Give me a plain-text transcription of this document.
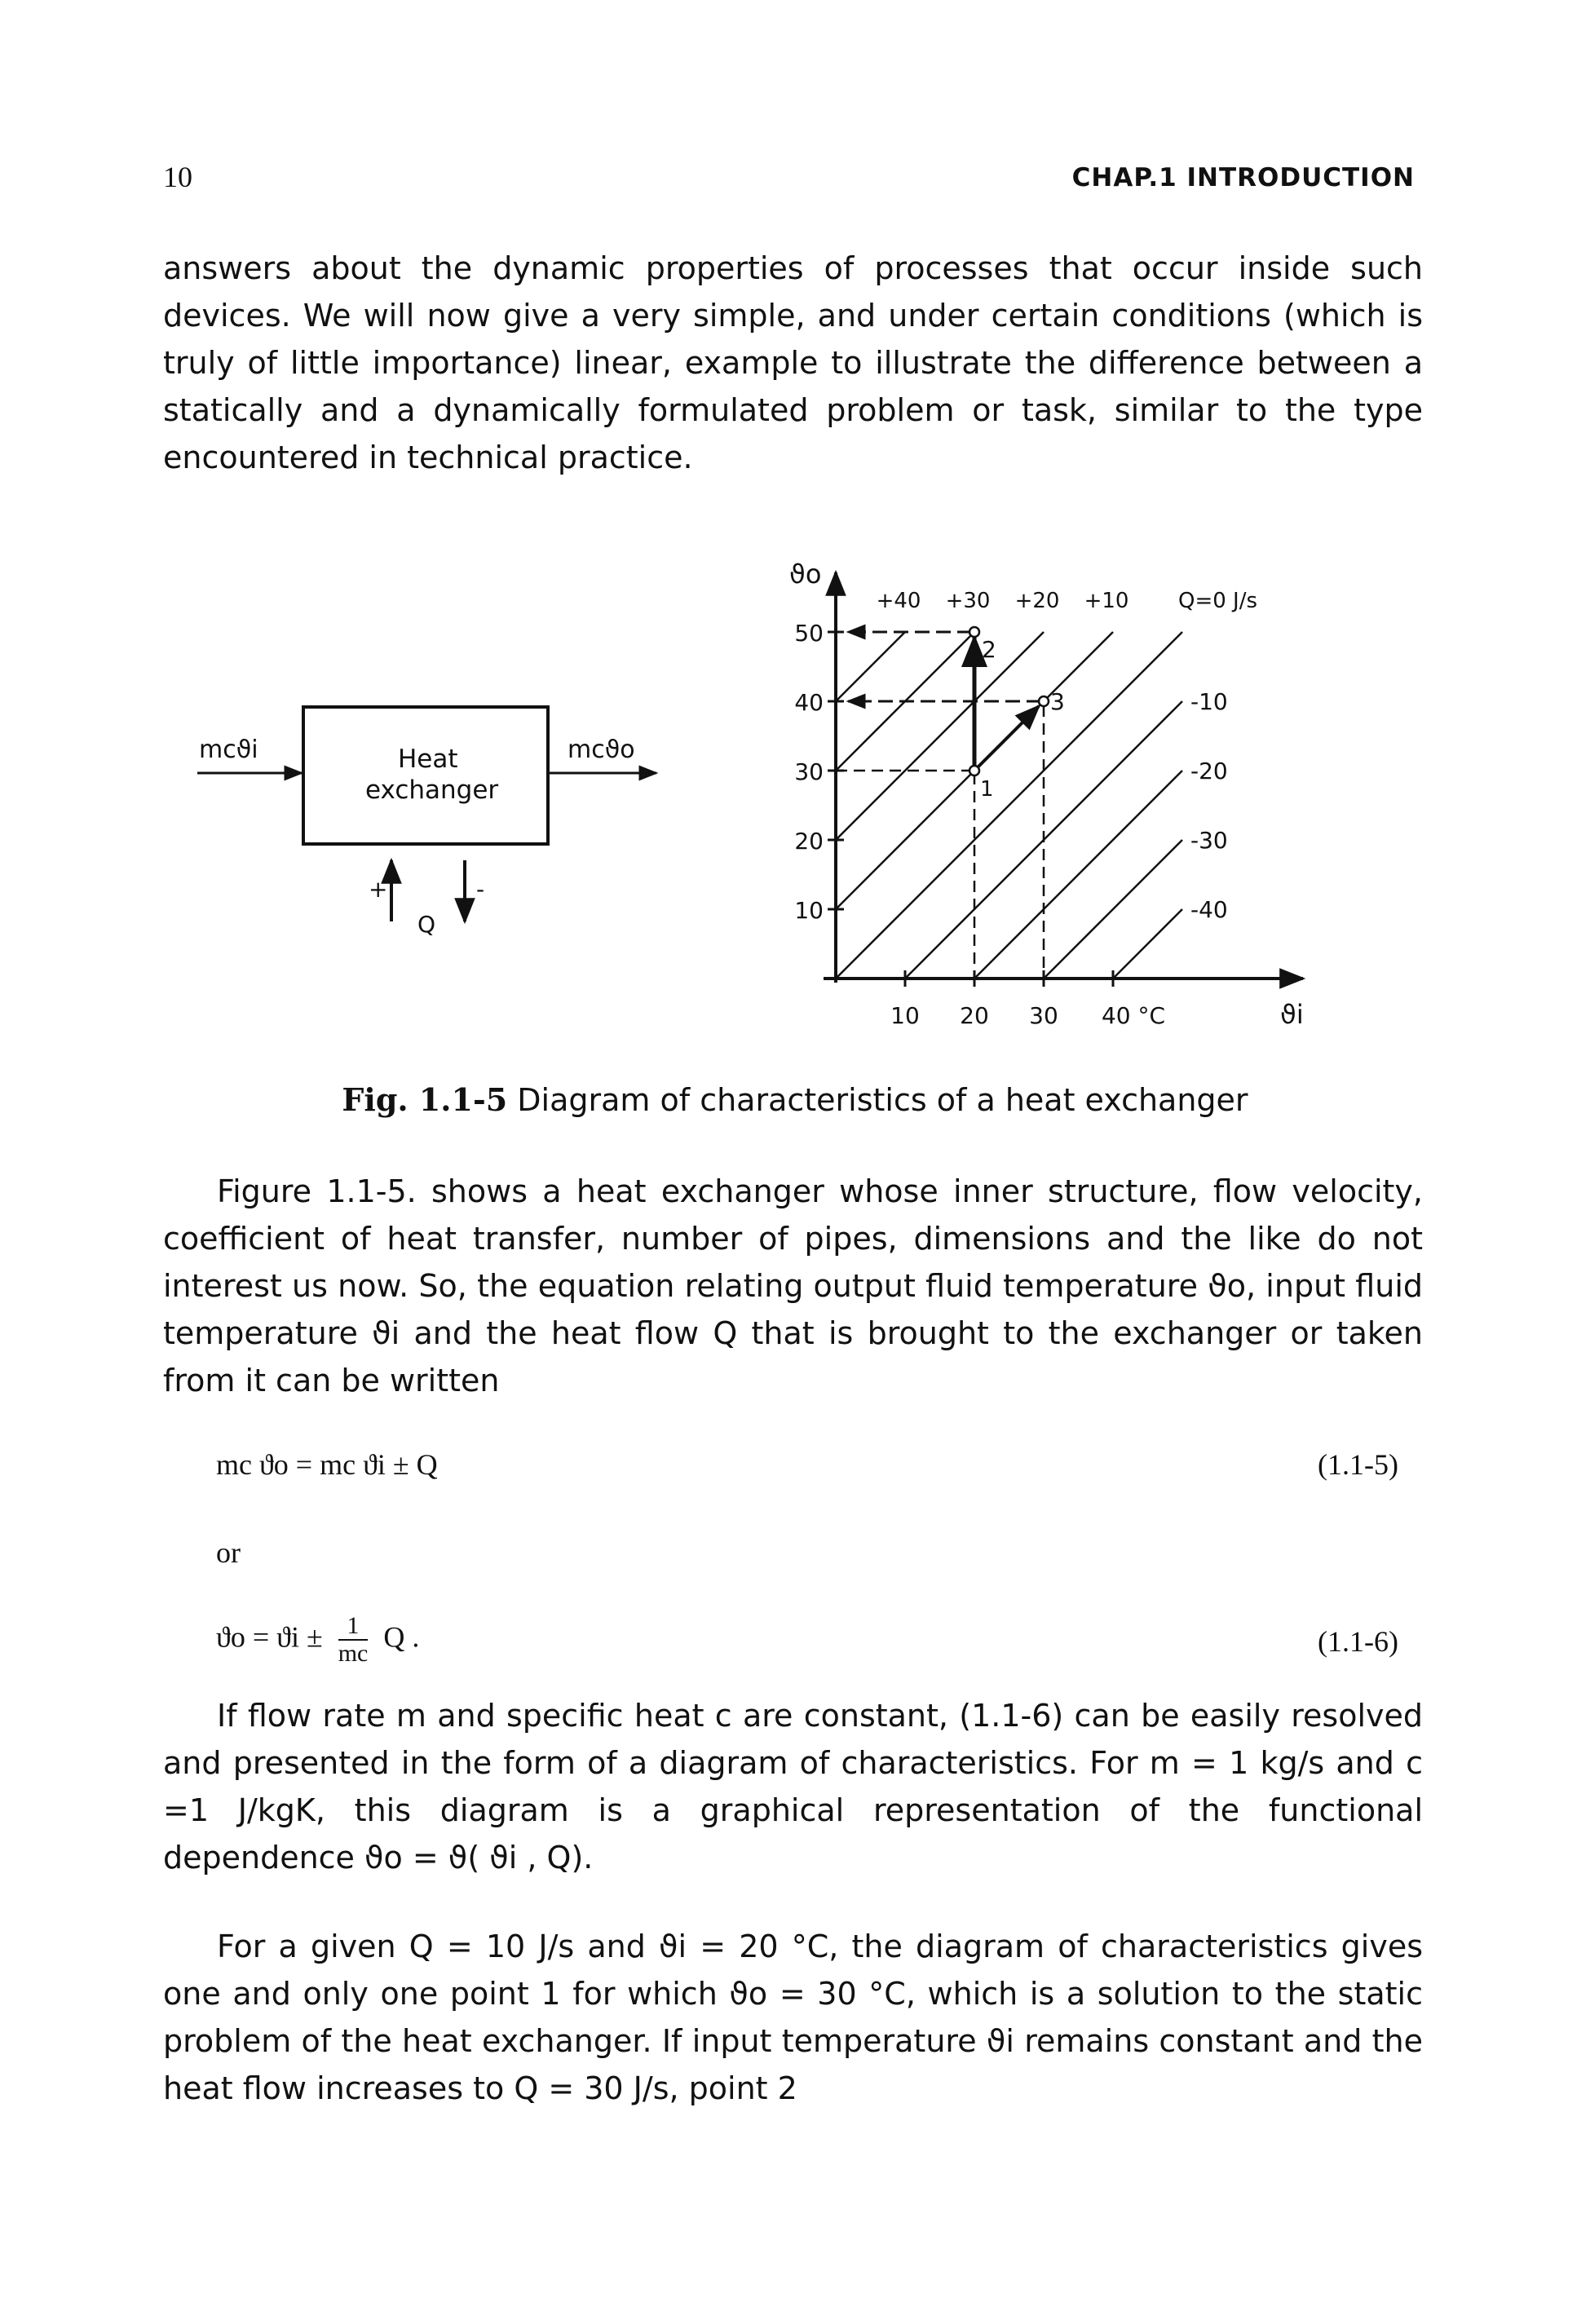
10	CHAP.1 INTRODUCTION

answers about the dynamic properties of processes that occur inside such devices. We will now give a very simple, and under certain conditions (which is truly of little importance) linear, example to illustrate the difference between a statically and a dynamically formulated problem or task, similar to the type encountered in technical practice.

Heat
exchanger
mcϑi	mcϑo
+	-
Q
ϑo
ϑi
50
40
30
20
10
10 20 30 40 °C
+40 +30 +20 +10 Q=0 J/s
-10
-20
-30
-40
1
2
3
Fig. 1.1-5 Diagram of characteristics of a heat exchanger

Figure 1.1-5. shows a heat exchanger whose inner structure, flow velocity, coefficient of heat transfer, number of pipes, dimensions and the like do not interest us now. So, the equation relating output fluid temperature ϑo, input fluid temperature ϑi and the heat flow Q that is brought to the exchanger or taken from it can be written

mc ϑo = mc ϑi ± Q	(1.1-5)
or
$ϑo = ϑi \pm \frac{1}{mc}$ Q .	(1.1-6)

If flow rate m and specific heat c are constant, (1.1-6) can be easily resolved and presented in the form of a diagram of characteristics. For m = 1 kg/s and c =1 J/kgK, this diagram is a graphical representation of the functional dependence ϑo = ϑ( ϑi , Q).

For a given Q = 10 J/s and ϑi = 20 °C, the diagram of characteristics gives one and only one point 1 for which ϑo = 30 °C, which is a solution to the static problem of the heat exchanger. If input temperature ϑi remains constant and the heat flow increases to Q = 30 J/s, point 2
